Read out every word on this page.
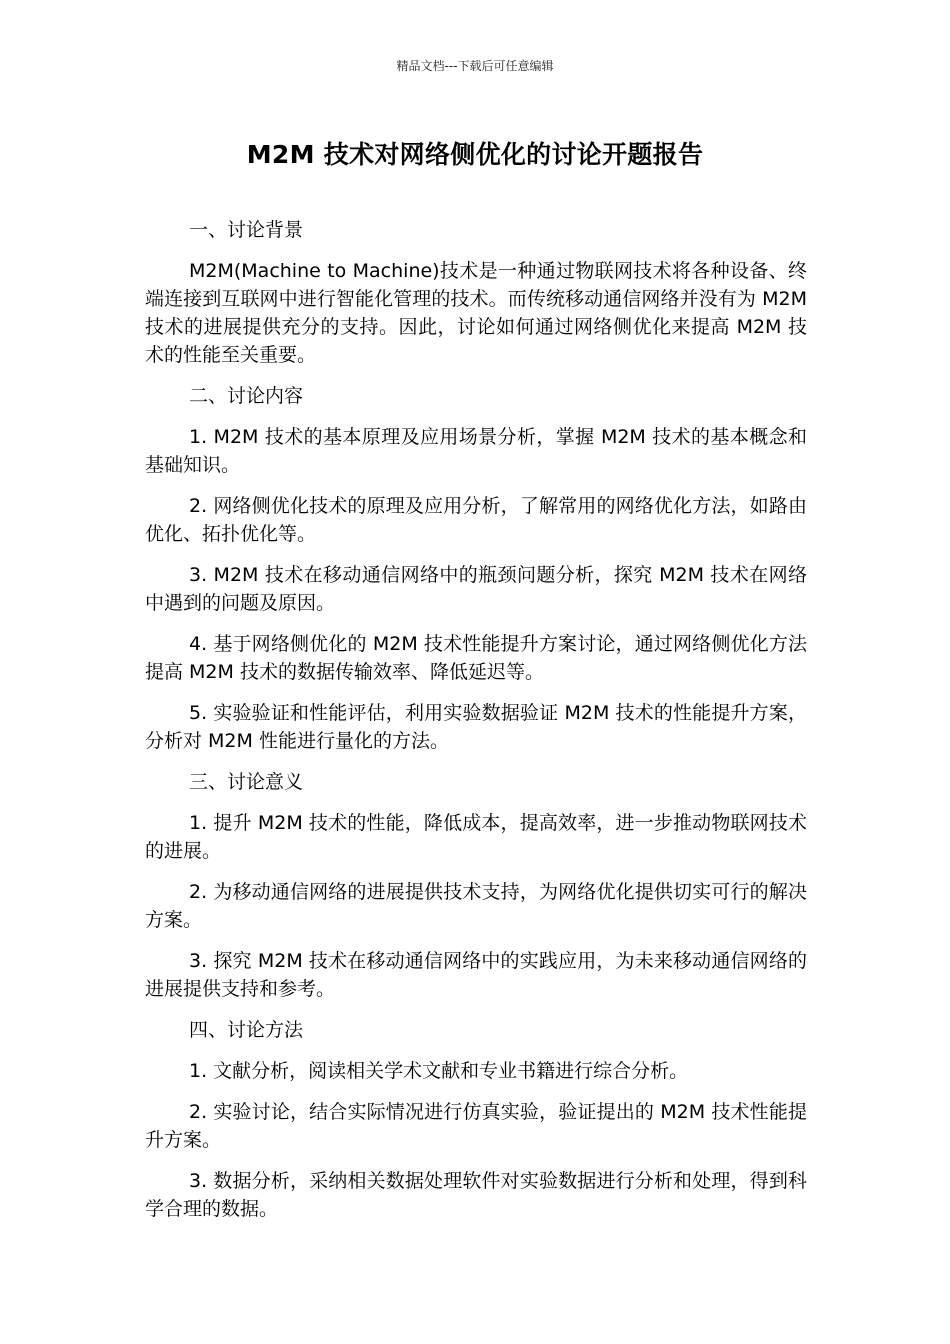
精品文档---下载后可任意编辑
M2M 技术对网络侧优化的讨论开题报告
一、讨论背景
M2M(Machine to Machine)技术是一种通过物联网技术将各种设备、终端连接到互联网中进行智能化管理的技术。而传统移动通信网络并没有为 M2M 技术的进展提供充分的支持。因此，讨论如何通过网络侧优化来提高 M2M 技术的性能至关重要。
二、讨论内容
1. M2M 技术的基本原理及应用场景分析，掌握 M2M 技术的基本概念和基础知识。
2. 网络侧优化技术的原理及应用分析，了解常用的网络优化方法，如路由优化、拓扑优化等。
3. M2M 技术在移动通信网络中的瓶颈问题分析，探究 M2M 技术在网络中遇到的问题及原因。
4. 基于网络侧优化的 M2M 技术性能提升方案讨论，通过网络侧优化方法提高 M2M 技术的数据传输效率、降低延迟等。
5. 实验验证和性能评估，利用实验数据验证 M2M 技术的性能提升方案，分析对 M2M 性能进行量化的方法。
三、讨论意义
1. 提升 M2M 技术的性能，降低成本，提高效率，进一步推动物联网技术的进展。
2. 为移动通信网络的进展提供技术支持，为网络优化提供切实可行的解决方案。
3. 探究 M2M 技术在移动通信网络中的实践应用，为未来移动通信网络的进展提供支持和参考。
四、讨论方法
1. 文献分析，阅读相关学术文献和专业书籍进行综合分析。
2. 实验讨论，结合实际情况进行仿真实验，验证提出的 M2M 技术性能提升方案。
3. 数据分析，采纳相关数据处理软件对实验数据进行分析和处理，得到科学合理的数据。
